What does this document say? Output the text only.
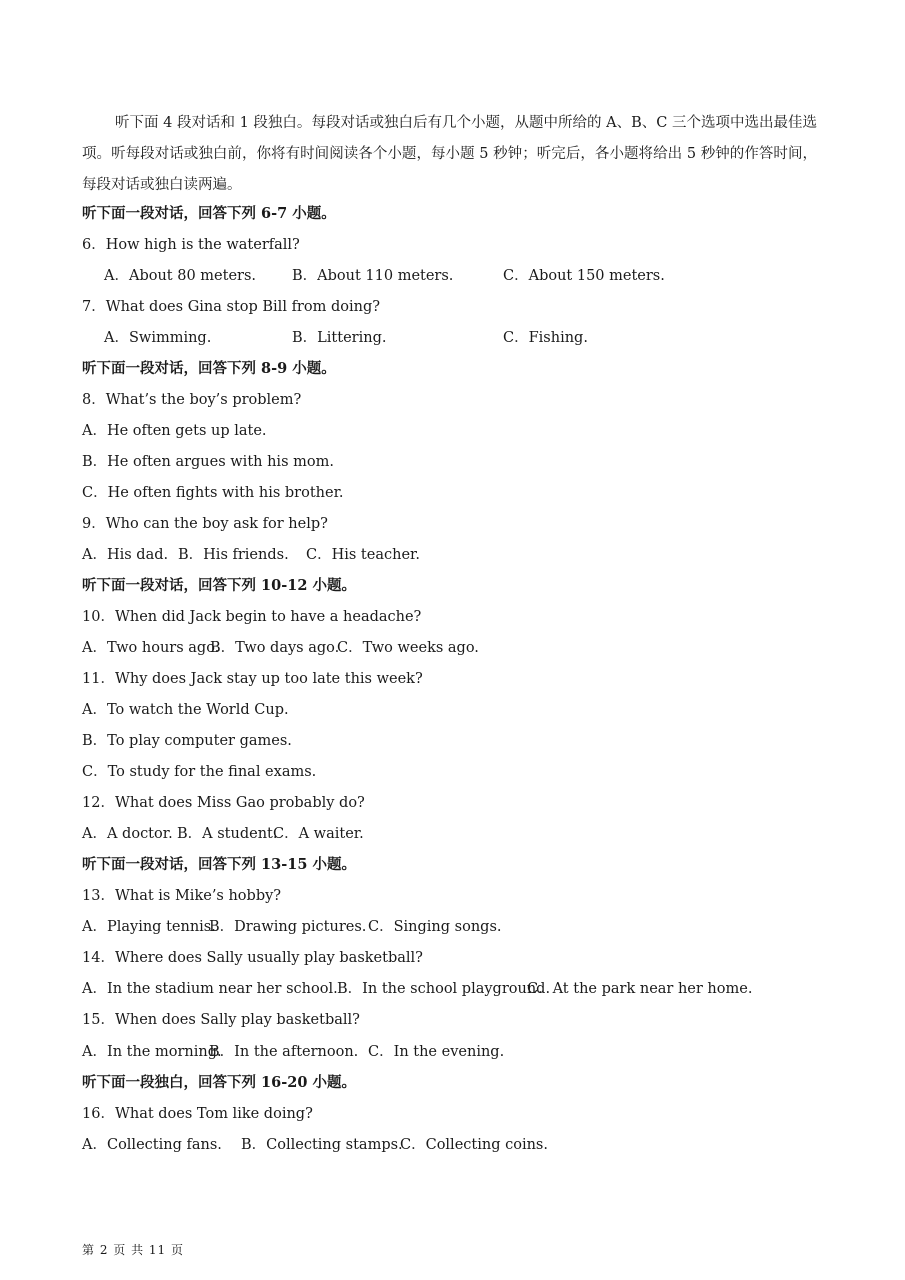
听下面 4 段对话和 1 段独白。每段对话或独白后有几个小题，从题中所给的 A、B、C 三个选项中选出最佳选项。听每段对话或独白前，你将有时间阅读各个小题，每小题 5 秒钟；听完后，各小题将给出 5 秒钟的作答时间，每段对话或独白读两遍。
听下面一段对话，回答下列 6-7 小题。
6．How high is the waterfall?
A．About 80 meters. B．About 110 meters.	C．About 150 meters.
7．What does Gina stop Bill from doing?
A．Swimming.	B．Littering.	C．Fishing.
听下面一段对话，回答下列 8-9 小题。
8．What’s the boy’s problem?
A．He often gets up late.
B．He often argues with his mom.
C．He often fights with his brother.
9．Who can the boy ask for help?
A．His dad. B．His friends. C．His teacher.
听下面一段对话，回答下列 10-12 小题。
10．When did Jack begin to have a headache?
A．Two hours ago.
B．Two days ago.
C．Two weeks ago.
11．Why does Jack stay up too late this week?
A．To watch the World Cup.
B．To play computer games.
C．To study for the final exams.
12．What does Miss Gao probably do?
A．A doctor. B．A student.
C．A waiter.
听下面一段对话，回答下列 13-15 小题。
13．What is Mike’s hobby?
A．Playing tennis.
B．Drawing pictures. C．Singing songs.
14．Where does Sally usually play basketball?
A．In the stadium near her school. B．In the school playground.
C．At the park near her home.
15．When does Sally play basketball?
A．In the morning.
B．In the afternoon. C．In the evening.
听下面一段独白，回答下列 16-20 小题。
16．What does Tom like doing?
A．Collecting fans. B．Collecting stamps.
C．Collecting coins.
第 2 页 共 11 页
